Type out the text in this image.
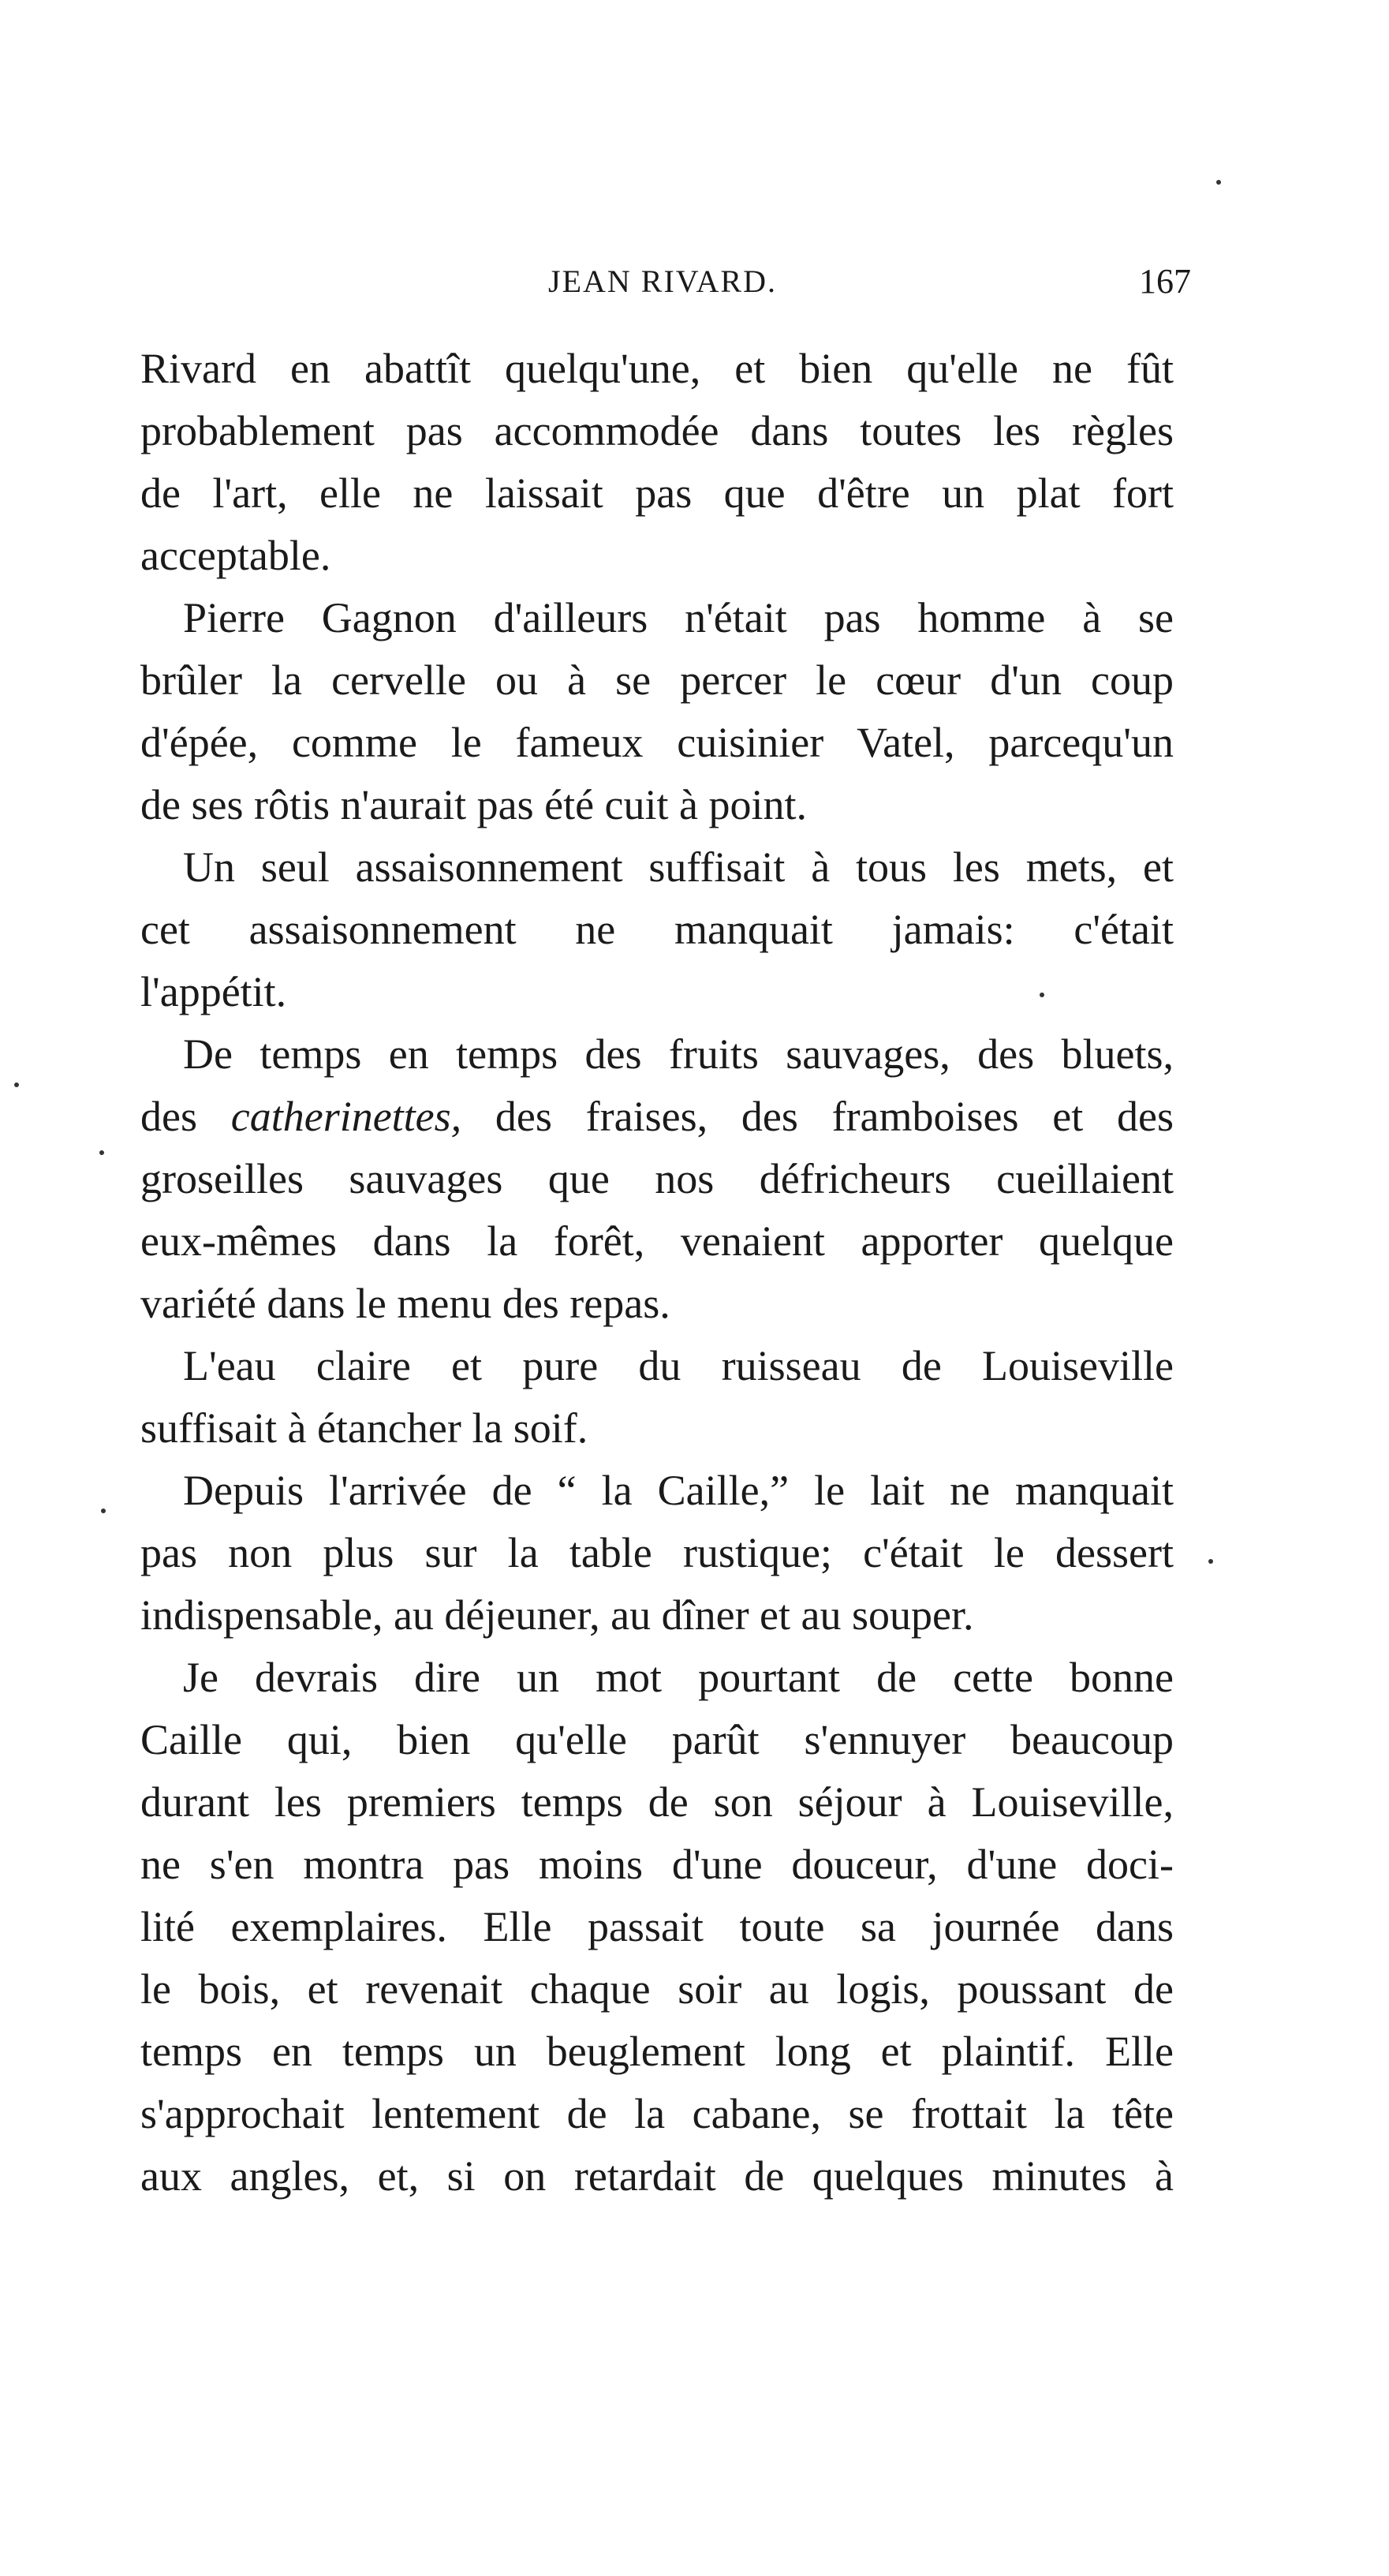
JEAN RIVARD.	167
Rivard en abattît quelqu'une, et bien qu'elle ne fût
probablement pas accommodée dans toutes les règles
de l'art, elle ne laissait pas que d'être un plat fort
acceptable.
Pierre Gagnon d'ailleurs n'était pas homme à se
brûler la cervelle ou à se percer le cœur d'un coup
d'épée, comme le fameux cuisinier Vatel, parcequ'un
de ses rôtis n'aurait pas été cuit à point.
Un seul assaisonnement suffisait à tous les mets, et
cet assaisonnement ne manquait jamais: c'était
l'appétit.
De temps en temps des fruits sauvages, des bluets,
des catherinettes, des fraises, des framboises et des
groseilles sauvages que nos défricheurs cueillaient
eux-mêmes dans la forêt, venaient apporter quelque
variété dans le menu des repas.
L'eau claire et pure du ruisseau de Louiseville
suffisait à étancher la soif.
Depuis l'arrivée de “ la Caille,” le lait ne manquait
pas non plus sur la table rustique; c'était le dessert
indispensable, au déjeuner, au dîner et au souper.
Je devrais dire un mot pourtant de cette bonne
Caille qui, bien qu'elle parût s'ennuyer beaucoup
durant les premiers temps de son séjour à Louiseville,
ne s'en montra pas moins d'une douceur, d'une doci-
lité exemplaires. Elle passait toute sa journée dans
le bois, et revenait chaque soir au logis, poussant de
temps en temps un beuglement long et plaintif. Elle
s'approchait lentement de la cabane, se frottait la tête
aux angles, et, si on retardait de quelques minutes à
